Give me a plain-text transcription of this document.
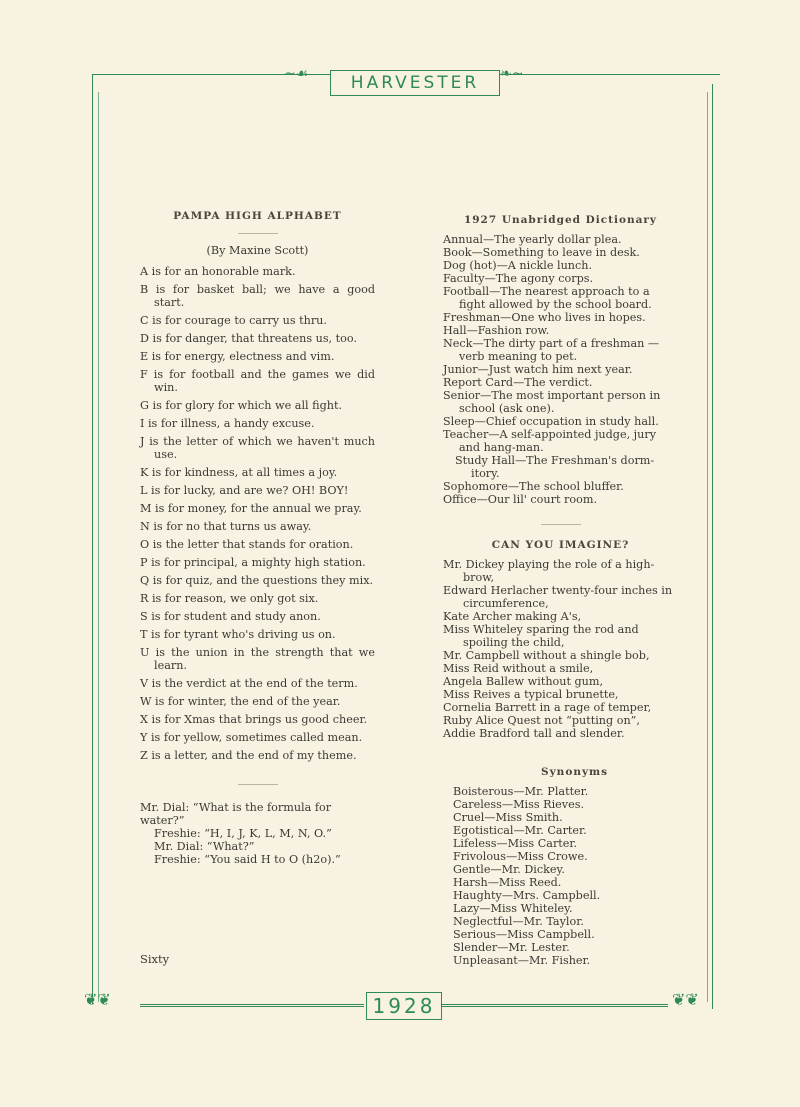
~☙	HARVESTER	❧~

PAMPA HIGH ALPHABET

(By Maxine Scott)

A is for an honorable mark.

B is for basket ball; we have a good start.

C is for courage to carry us thru.

D is for danger, that threatens us, too.

E is for energy, electness and vim.

F is for football and the games we did win.

G is for glory for which we all fight.

I is for illness, a handy excuse.

J is the letter of which we haven't much use.

K is for kindness, at all times a joy.

L is for lucky, and are we? OH! BOY!

M is for money, for the annual we pray.

N is for no that turns us away.

O is the letter that stands for oration.

P is for principal, a mighty high station.

Q is for quiz, and the questions they mix.

R is for reason, we only got six.

S is for student and study anon.

T is for tyrant who's driving us on.

U is the union in the strength that we learn.

V is the verdict at the end of the term.

W is for winter, the end of the year.

X is for Xmas that brings us good cheer.

Y is for yellow, sometimes called mean.

Z is a letter, and the end of my theme.

Mr. Dial: “What is the formula for water?”

Freshie: “H, I, J, K, L, M, N, O.”

Mr. Dial: “What?”

Freshie: “You said H to O (h2o).”

1927 Unabridged Dictionary

Annual—The yearly dollar plea.

Book—Something to leave in desk.

Dog (hot)—A nickle lunch.

Faculty—The agony corps.

Football—The nearest approach to a fight allowed by the school board.

Freshman—One who lives in hopes.

Hall—Fashion row.

Neck—The dirty part of a freshman —verb meaning to pet.

Junior—Just watch him next year.

Report Card—The verdict.

Senior—The most important person in school (ask one).

Sleep—Chief occupation in study hall.

Teacher—A self-appointed judge, jury and hang-man.

Study Hall—The Freshman's dorm-itory.

Sophomore—The school bluffer.

Office—Our lil' court room.

CAN YOU IMAGINE?

Mr. Dickey playing the role of a high-brow,

Edward Herlacher twenty-four inches in circumference,

Kate Archer making A's,

Miss Whiteley sparing the rod and spoiling the child,

Mr. Campbell without a shingle bob,

Miss Reid without a smile,

Angela Ballew without gum,

Miss Reives a typical brunette,

Cornelia Barrett in a rage of temper,

Ruby Alice Quest not “putting on”,

Addie Bradford tall and slender.

Synonyms

Boisterous—Mr. Platter.

Careless—Miss Rieves.

Cruel—Miss Smith.

Egotistical—Mr. Carter.

Lifeless—Miss Carter.

Frivolous—Miss Crowe.

Gentle—Mr. Dickey.

Harsh—Miss Reed.

Haughty—Mrs. Campbell.

Lazy—Miss Whiteley.

Neglectful—Mr. Taylor.

Serious—Miss Campbell.

Slender—Mr. Lester.

Unpleasant—Mr. Fisher.

Sixty
❦❦	1928	❦❦
